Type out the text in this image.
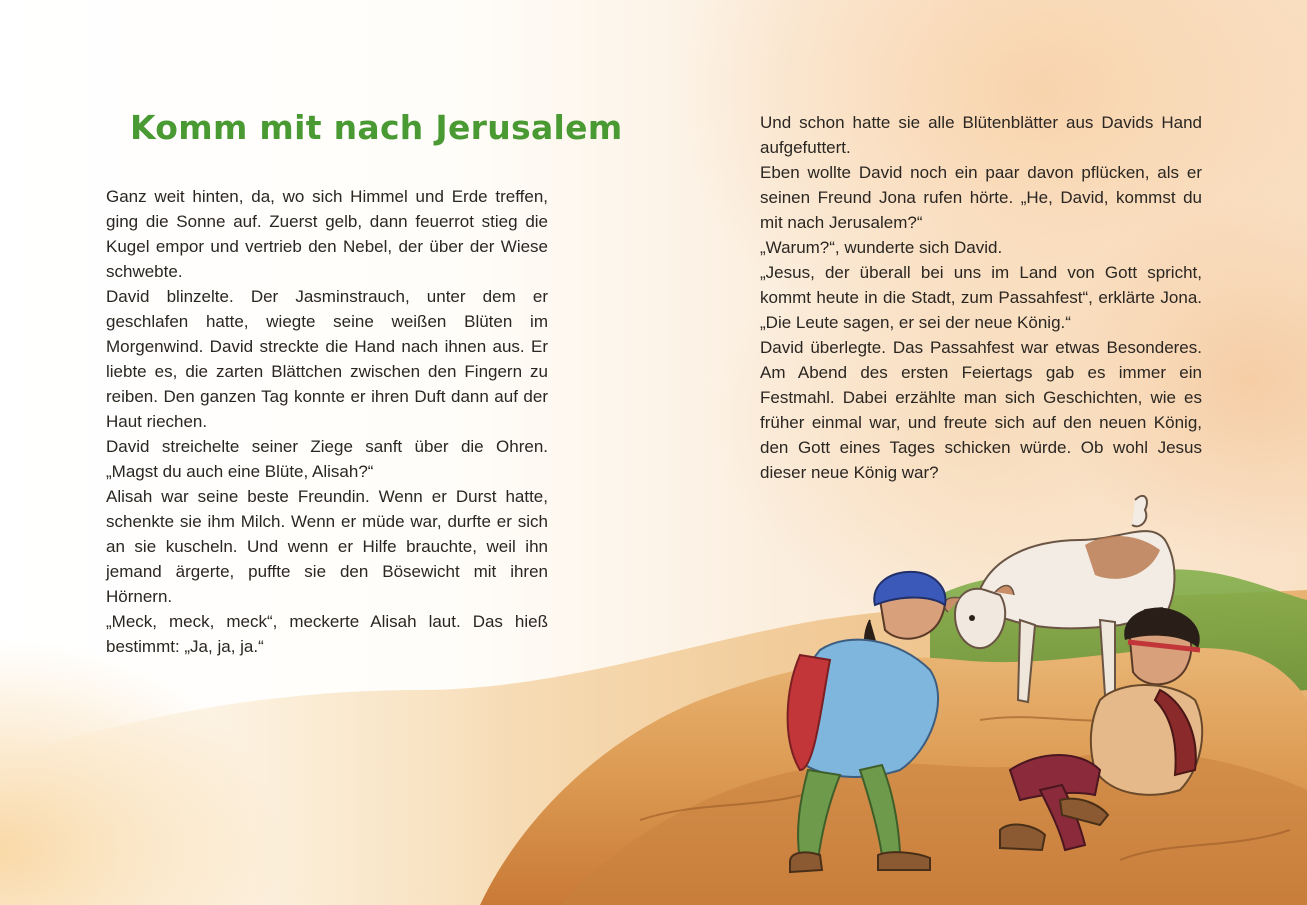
Komm mit nach Jerusalem

Ganz weit hinten, da, wo sich Himmel und Erde treffen, ging die Sonne auf. Zuerst gelb, dann feuerrot stieg die Kugel empor und vertrieb den Nebel, der über der Wiese schwebte.

David blinzelte. Der Jasminstrauch, unter dem er geschlafen hatte, wiegte seine weißen Blüten im Morgenwind. David streckte die Hand nach ihnen aus. Er liebte es, die zarten Blättchen zwischen den Fingern zu reiben. Den ganzen Tag konnte er ihren Duft dann auf der Haut riechen.

David streichelte seiner Ziege sanft über die Ohren. „Magst du auch eine Blüte, Alisah?“

Alisah war seine beste Freundin. Wenn er Durst hatte, schenkte sie ihm Milch. Wenn er müde war, durfte er sich an sie kuscheln. Und wenn er Hilfe brauchte, weil ihn jemand ärgerte, puffte sie den Bösewicht mit ihren Hörnern.

„Meck, meck, meck“, meckerte Alisah laut. Das hieß bestimmt: „Ja, ja, ja.“

Und schon hatte sie alle Blütenblätter aus Davids Hand aufgefuttert.

Eben wollte David noch ein paar davon pflücken, als er seinen Freund Jona rufen hörte. „He, David, kommst du mit nach Jerusalem?“

„Warum?“, wunderte sich David.

„Jesus, der überall bei uns im Land von Gott spricht, kommt heute in die Stadt, zum Passahfest“, erklärte Jona. „Die Leute sagen, er sei der neue König.“

David überlegte. Das Passahfest war etwas Besonderes. Am Abend des ersten Feiertags gab es immer ein Festmahl. Dabei erzählte man sich Geschichten, wie es früher einmal war, und freute sich auf den neuen König, den Gott eines Tages schicken würde. Ob wohl Jesus dieser neue König war?
